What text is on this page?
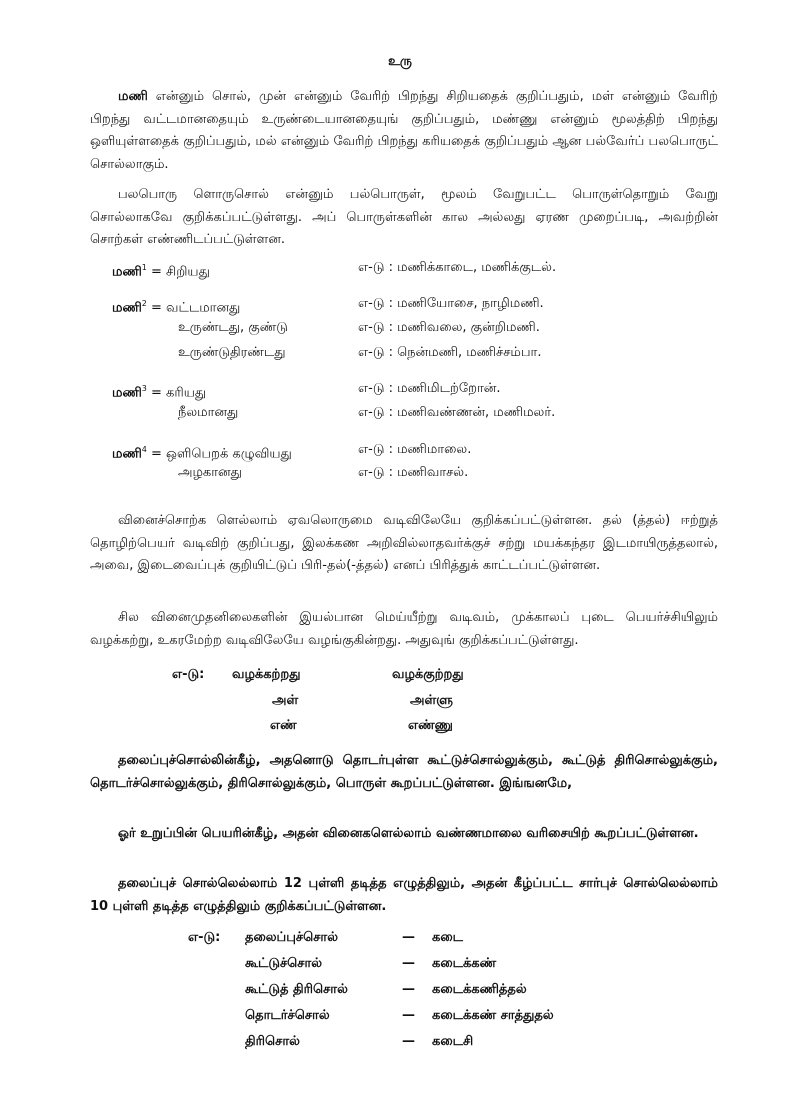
உரு

மணி என்னும் சொல், முன் என்னும் வேரிற் பிறந்து சிறியதைக் குறிப்பதும், மள் என்னும் வேரிற் பிறந்து வட்டமானதையும் உருண்டையானதையுங் குறிப்பதும், மண்ணு என்னும் மூலத்திற் பிறந்து ஒளியுள்ளதைக் குறிப்பதும், மல் என்னும் வேரிற் பிறந்து கரியதைக் குறிப்பதும் ஆன பல்வேர்ப் பலபொருட் சொல்லாகும்.

பலபொரு ளொருசொல் என்னும் பல்பொருள், மூலம் வேறுபட்ட பொருள்தொறும் வேறு சொல்லாகவே குறிக்கப்பட்டுள்ளது. அப் பொருள்களின் கால அல்லது ஏரண முறைப்படி, அவற்றின் சொற்கள் எண்ணிடப்பட்டுள்ளன.

மணி$^1$ = சிறியது	எ-டு : மணிக்காடை, மணிக்குடல்.
மணி$^2$ = வட்டமானது	எ-டு : மணியோசை, நாழிமணி.
உருண்டது, குண்டு	எ-டு : மணிவலை, குன்றிமணி.
உருண்டுதிரண்டது	எ-டு : நென்மணி, மணிச்சம்பா.
மணி$^3$ = கரியது	எ-டு : மணிமிடற்றோன்.
நீலமானது	எ-டு : மணிவண்ணன், மணிமலர்.
மணி$^4$ = ஒளிபெறக் கழுவியது	எ-டு : மணிமாலை.
அழகானது	எ-டு : மணிவாசல்.

வினைச்சொற்க ளெல்லாம் ஏவலொருமை வடிவிலேயே குறிக்கப்பட்டுள்ளன. தல் (த்தல்) ஈற்றுத் தொழிற்பெயர் வடிவிற் குறிப்பது, இலக்கண அறிவில்லாதவர்க்குச் சற்று மயக்கந்தர இடமாயிருத்தலால், அவை, இடைவைப்புக் குறியிட்டுப் பிரி-தல்(-த்தல்) எனப் பிரித்துக் காட்டப்பட்டுள்ளன.

சில வினைமுதனிலைகளின் இயல்பான மெய்யீற்று வடிவம், முக்காலப் புடை பெயர்ச்சியிலும் வழக்கற்று, உகரமேற்ற வடிவிலேயே வழங்குகின்றது. அதுவுங் குறிக்கப்பட்டுள்ளது.

எ-டு: வழக்கற்றது	வழக்குற்றது
அள்	அள்ளு
எண்	எண்ணு

தலைப்புச்சொல்லின்கீழ், அதனொடு தொடர்புள்ள கூட்டுச்சொல்லுக்கும், கூட்டுத் திரிசொல்லுக்கும், தொடர்ச்சொல்லுக்கும், திரிசொல்லுக்கும், பொருள் கூறப்பட்டுள்ளன. இங்ஙனமே,

ஓர் உறுப்பின் பெயரின்கீழ், அதன் வினைகளெல்லாம் வண்ணமாலை வரிசையிற் கூறப்பட்டுள்ளன.

தலைப்புச் சொல்லெல்லாம் 12 புள்ளி தடித்த எழுத்திலும், அதன் கீழ்ப்பட்ட சார்புச் சொல்லெல்லாம் 10 புள்ளி தடித்த எழுத்திலும் குறிக்கப்பட்டுள்ளன.

எ-டு: தலைப்புச்சொல்	— கடை
கூட்டுச்சொல்	— கடைக்கண்
கூட்டுத் திரிசொல்	— கடைக்கணித்தல்
தொடர்ச்சொல்	— கடைக்கண் சாத்துதல்
திரிசொல்	— கடைசி
